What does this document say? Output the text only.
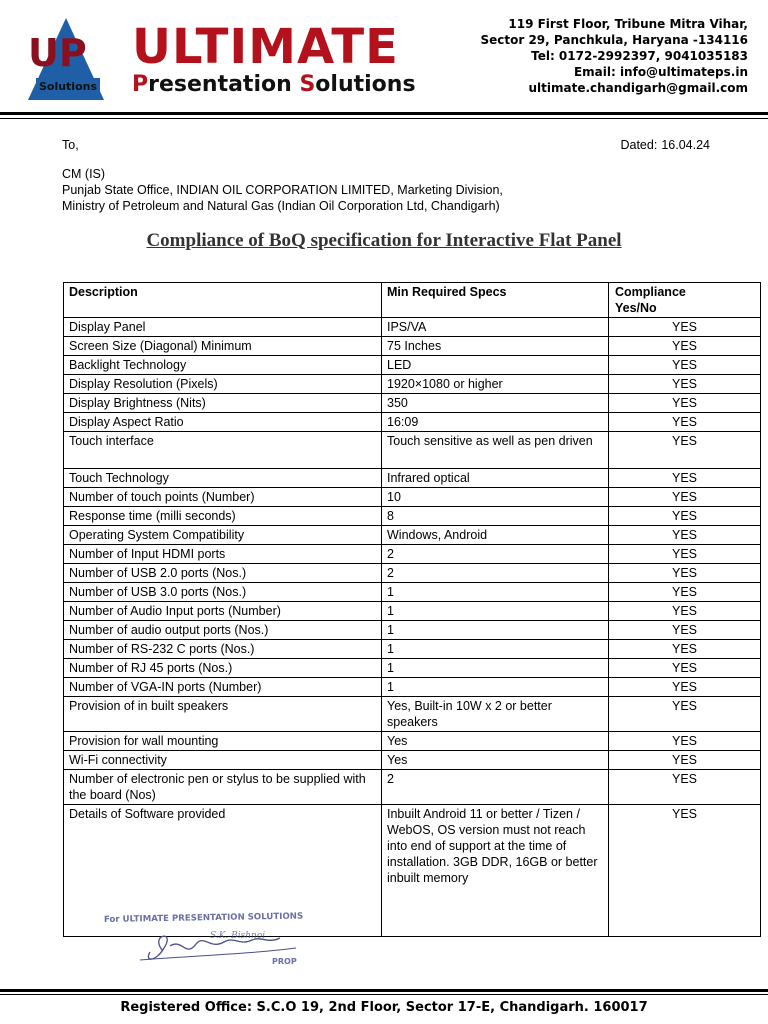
UP
Solutions
ULTIMATE
Presentation Solutions
119 First Floor, Tribune Mitra Vihar,
Sector 29, Panchkula, Haryana -134116
Tel: 0172-2992397, 9041035183
Email: info@ultimateps.in
ultimate.chandigarh@gmail.com
To,	Dated: 16.04.24
CM (IS)
Punjab State Office, INDIAN OIL CORPORATION LIMITED, Marketing Division,
Ministry of Petroleum and Natural Gas (Indian Oil Corporation Ltd, Chandigarh)
Compliance of BoQ specification for Interactive Flat Panel
Description	Min Required Specs	Compliance
Yes/No

Display Panel	IPS/VA	YES
Screen Size (Diagonal) Minimum	75 Inches	YES
Backlight Technology	LED	YES
Display Resolution (Pixels)	1920×1080 or higher	YES
Display Brightness (Nits)	350	YES
Display Aspect Ratio	16:09	YES
Touch interface	Touch sensitive as well as pen driven	YES
Touch Technology	Infrared optical	YES
Number of touch points (Number)	10	YES
Response time (milli seconds)	8	YES
Operating System Compatibility	Windows, Android	YES
Number of Input HDMI ports	2	YES
Number of USB 2.0 ports (Nos.)	2	YES
Number of USB 3.0 ports (Nos.)	1	YES
Number of Audio Input ports (Number)	1	YES
Number of audio output ports (Nos.)	1	YES
Number of RS-232 C ports (Nos.)	1	YES
Number of RJ 45 ports (Nos.)	1	YES
Number of VGA-IN ports (Number)	1	YES
Provision of in built speakers	Yes, Built-in 10W x 2 or better speakers	YES
Provision for wall mounting	Yes	YES
Wi-Fi connectivity	Yes	YES
Number of electronic pen or stylus to be supplied with the board (Nos)	2	YES
Details of Software provided	Inbuilt Android 11 or better / Tizen / WebOS, OS version must not reach into end of support at the time of installation. 3GB DDR, 16GB or better inbuilt memory	YES
For ULTIMATE PRESENTATION SOLUTIONS
S.K. Bishnoi
PROP
Registered Office: S.C.O 19, 2nd Floor, Sector 17-E, Chandigarh. 160017
